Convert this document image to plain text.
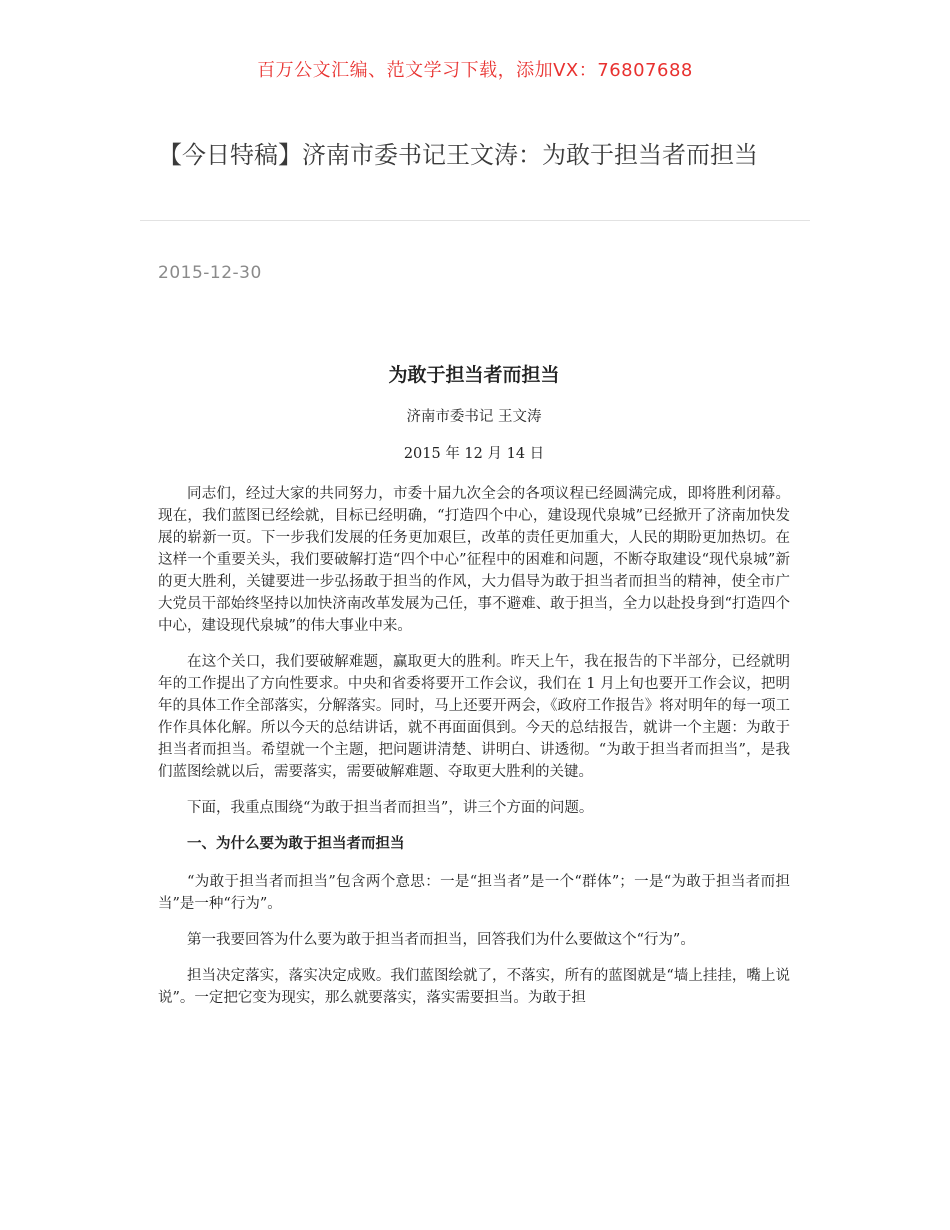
百万公文汇编、范文学习下载，添加VX：76807688
【今日特稿】济南市委书记王文涛：为敢于担当者而担当
2015-12-30
为敢于担当者而担当
济南市委书记 王文涛
2015 年 12 月 14 日

同志们，经过大家的共同努力，市委十届九次全会的各项议程已经圆满完成，即将胜利闭幕。现在，我们蓝图已经绘就，目标已经明确，“打造四个中心，建设现代泉城”已经掀开了济南加快发展的崭新一页。下一步我们发展的任务更加艰巨，改革的责任更加重大，人民的期盼更加热切。在这样一个重要关头，我们要破解打造“四个中心”征程中的困难和问题，不断夺取建设“现代泉城”新的更大胜利，关键要进一步弘扬敢于担当的作风，大力倡导为敢于担当者而担当的精神，使全市广大党员干部始终坚持以加快济南改革发展为己任，事不避难、敢于担当，全力以赴投身到“打造四个中心，建设现代泉城”的伟大事业中来。

在这个关口，我们要破解难题，赢取更大的胜利。昨天上午，我在报告的下半部分，已经就明年的工作提出了方向性要求。中央和省委将要开工作会议，我们在 1 月上旬也要开工作会议，把明年的具体工作全部落实，分解落实。同时，马上还要开两会，《政府工作报告》将对明年的每一项工作作具体化解。所以今天的总结讲话，就不再面面俱到。今天的总结报告，就讲一个主题：为敢于担当者而担当。希望就一个主题，把问题讲清楚、讲明白、讲透彻。“为敢于担当者而担当”，是我们蓝图绘就以后，需要落实，需要破解难题、夺取更大胜利的关键。

下面，我重点围绕“为敢于担当者而担当”，讲三个方面的问题。

一、为什么要为敢于担当者而担当

“为敢于担当者而担当”包含两个意思：一是“担当者”是一个“群体”；一是“为敢于担当者而担当”是一种“行为”。

第一我要回答为什么要为敢于担当者而担当，回答我们为什么要做这个“行为”。

担当决定落实，落实决定成败。我们蓝图绘就了，不落实，所有的蓝图就是“墙上挂挂，嘴上说说”。一定把它变为现实，那么就要落实，落实需要担当。为敢于担
